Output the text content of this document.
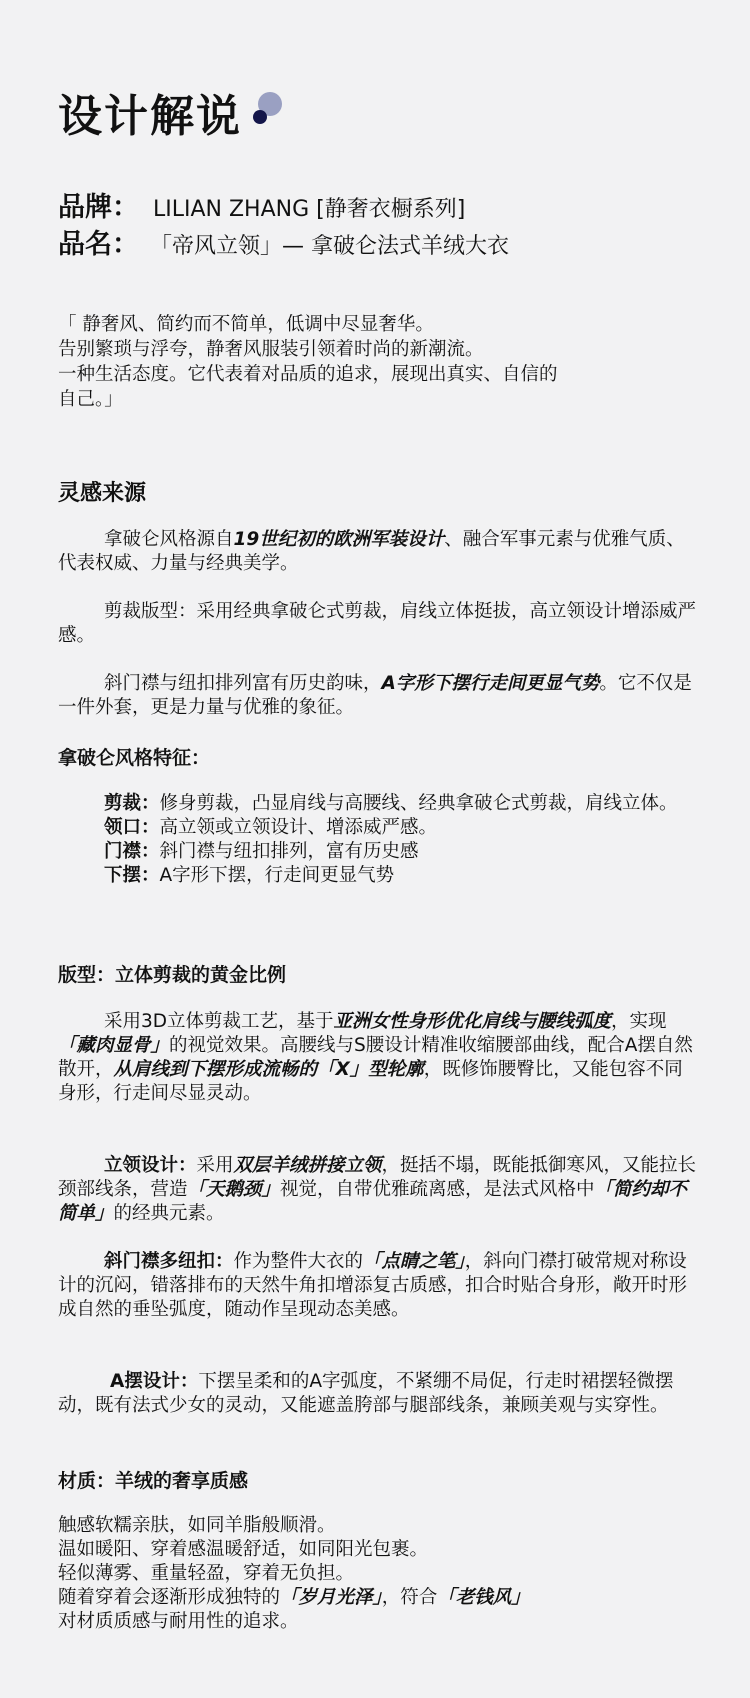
设计解说
品牌： LILIAN ZHANG [静奢衣橱系列]
品名： 「帝风立领」— 拿破仑法式羊绒大衣

「 静奢风、简约而不简单，低调中尽显奢华。

告别繁琐与浮夸，静奢风服装引领着时尚的新潮流。

一种生活态度。它代表着对品质的追求，展现出真实、自信的

自己。」

灵感来源

拿破仑风格源自19世纪初的欧洲军装设计、融合军事元素与优雅气质、代表权威、力量与经典美学。

剪裁版型：采用经典拿破仑式剪裁，肩线立体挺拔，高立领设计增添威严感。

斜门襟与纽扣排列富有历史韵味，A字形下摆行走间更显气势。它不仅是一件外套，更是力量与优雅的象征。

拿破仑风格特征：

剪裁：修身剪裁，凸显肩线与高腰线、经典拿破仑式剪裁，肩线立体。

领口：高立领或立领设计、增添威严感。

门襟：斜门襟与纽扣排列，富有历史感

下摆：A字形下摆，行走间更显气势

版型：立体剪裁的黄金比例

采用3D立体剪裁工艺，基于亚洲女性身形优化肩线与腰线弧度，实现「藏肉显骨」的视觉效果。高腰线与S腰设计精准收缩腰部曲线，配合A摆自然散开，从肩线到下摆形成流畅的「X」型轮廓，既修饰腰臀比，又能包容不同身形，行走间尽显灵动。

立领设计：采用双层羊绒拼接立领，挺括不塌，既能抵御寒风，又能拉长颈部线条，营造「天鹅颈」视觉，自带优雅疏离感，是法式风格中「简约却不简单」的经典元素。

斜门襟多纽扣：作为整件大衣的「点睛之笔」，斜向门襟打破常规对称设计的沉闷，错落排布的天然牛角扣增添复古质感，扣合时贴合身形，敞开时形成自然的垂坠弧度，随动作呈现动态美感。

A摆设计：下摆呈柔和的A字弧度，不紧绷不局促，行走时裙摆轻微摆动，既有法式少女的灵动，又能遮盖胯部与腿部线条，兼顾美观与实穿性。

材质：羊绒的奢享质感

触感软糯亲肤，如同羊脂般顺滑。

温如暖阳、穿着感温暖舒适，如同阳光包裹。

轻似薄雾、重量轻盈，穿着无负担。

随着穿着会逐渐形成独特的「岁月光泽」，符合「老钱风」

对材质质感与耐用性的追求。
